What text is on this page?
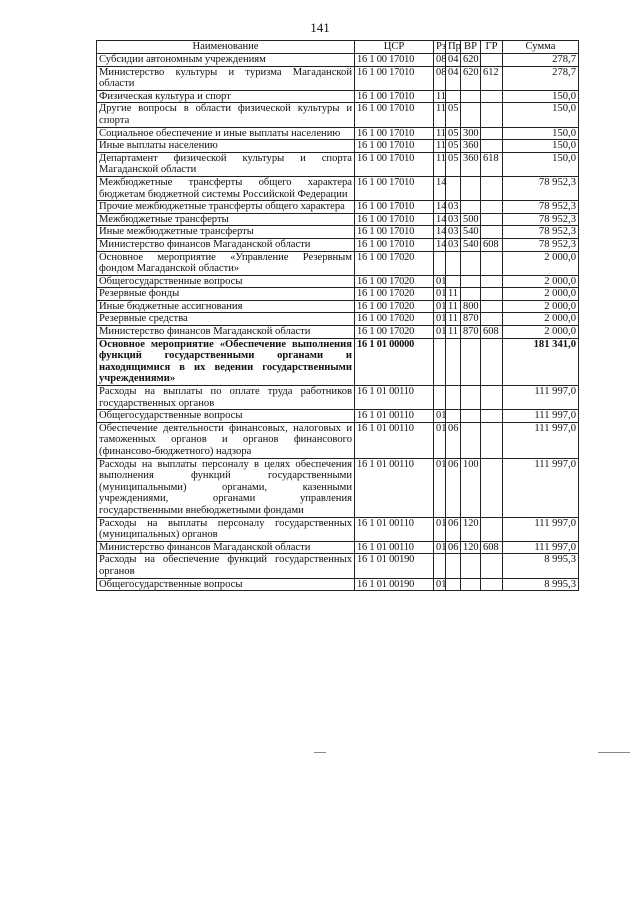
141
Наименование	ЦСР	Рз	Пр	ВР	ГР	Сумма
Субсидии автономным учреждениям	16 1 00 17010	08	04	620		278,7
Министерство культуры и туризма Магаданской области	16 1 00 17010	08	04	620	612	278,7
Физическая культура и спорт	16 1 00 17010	11				150,0
Другие вопросы в области физической культуры и спорта	16 1 00 17010	11	05			150,0
Социальное обеспечение и иные выплаты населению	16 1 00 17010	11	05	300		150,0
Иные выплаты населению	16 1 00 17010	11	05	360		150,0
Департамент физической культуры и спорта Магаданской области	16 1 00 17010	11	05	360	618	150,0
Межбюджетные трансферты общего характера бюджетам бюджетной системы Российской Федерации	16 1 00 17010	14				78 952,3
Прочие межбюджетные трансферты общего характера	16 1 00 17010	14	03			78 952,3
Межбюджетные трансферты	16 1 00 17010	14	03	500		78 952,3
Иные межбюджетные трансферты	16 1 00 17010	14	03	540		78 952,3
Министерство финансов Магаданской области	16 1 00 17010	14	03	540	608	78 952,3
Основное мероприятие «Управление Резервным фондом Магаданской области»	16 1 00 17020					2 000,0
Общегосударственные вопросы	16 1 00 17020	01				2 000,0
Резервные фонды	16 1 00 17020	01	11			2 000,0
Иные бюджетные ассигнования	16 1 00 17020	01	11	800		2 000,0
Резервные средства	16 1 00 17020	01	11	870		2 000,0
Министерство финансов Магаданской области	16 1 00 17020	01	11	870	608	2 000,0
Основное мероприятие «Обеспечение выполнения функций государственными органами и находящимися в их ведении государственными учреждениями»	16 1 01 00000					181 341,0
Расходы на выплаты по оплате труда работников государственных органов	16 1 01 00110					111 997,0
Общегосударственные вопросы	16 1 01 00110	01				111 997,0
Обеспечение деятельности финансовых, налоговых и таможенных органов и органов финансового (финансово-бюджетного) надзора	16 1 01 00110	01	06			111 997,0
Расходы на выплаты персоналу в целях обеспечения выполнения функций государственными (муниципальными) органами, казенными учреждениями, органами управления государственными внебюджетными фондами	16 1 01 00110	01	06	100		111 997,0
Расходы на выплаты персоналу государственных (муниципальных) органов	16 1 01 00110	01	06	120		111 997,0
Министерство финансов Магаданской области	16 1 01 00110	01	06	120	608	111 997,0
Расходы на обеспечение функций государственных органов	16 1 01 00190					8 995,3
Общегосударственные вопросы	16 1 01 00190	01				8 995,3
